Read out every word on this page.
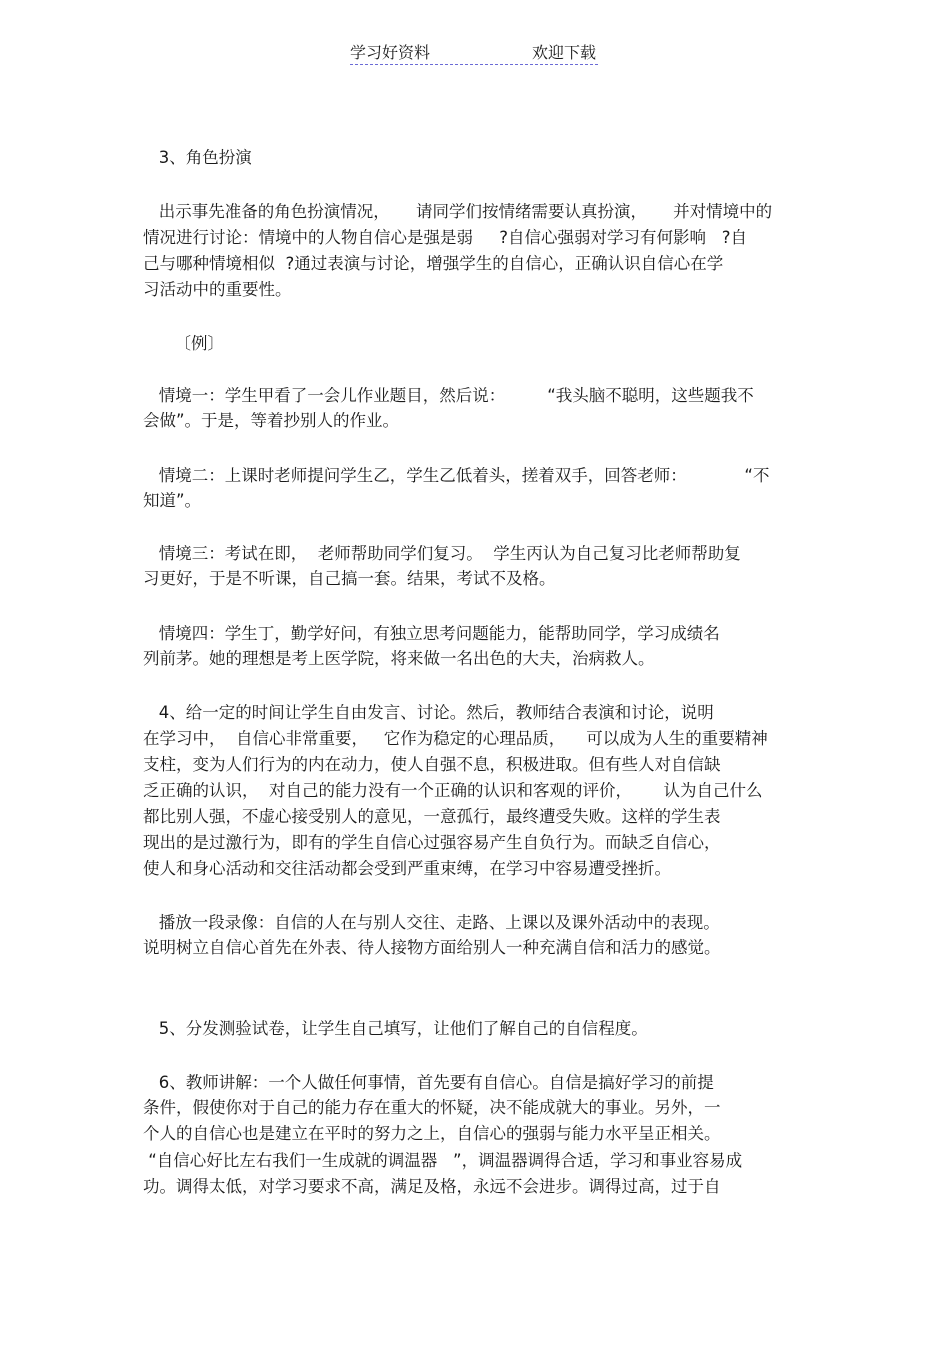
学习好资料	欢迎下载
3、角色扮演
出示事先准备的角色扮演情况，     请同学们按情绪需要认真扮演，     并对情境中的
情况进行讨论：情境中的人物自信心是强是弱     ?自信心强弱对学习有何影响   ?自
己与哪种情境相似  ?通过表演与讨论，增强学生的自信心，正确认识自信心在学
习活动中的重要性。
〔例〕
情境一：学生甲看了一会儿作业题目，然后说：        “我头脑不聪明，这些题我不
会做”。于是，等着抄别人的作业。
情境二：上课时老师提问学生乙，学生乙低着头，搓着双手，回答老师：           “不
知道”。
情境三：考试在即，  老师帮助同学们复习。  学生丙认为自己复习比老师帮助复
习更好，于是不听课，自己搞一套。结果，考试不及格。
情境四：学生丁，勤学好问，有独立思考问题能力，能帮助同学，学习成绩名
列前茅。她的理想是考上医学院，将来做一名出色的大夫，治病救人。
4、给一定的时间让学生自由发言、讨论。然后，教师结合表演和讨论，说明
在学习中，  自信心非常重要，   它作为稳定的心理品质，    可以成为人生的重要精神
支柱，变为人们行为的内在动力，使人自强不息，积极进取。但有些人对自信缺
乏正确的认识，  对自己的能力没有一个正确的认识和客观的评价，      认为自己什么
都比别人强，不虚心接受别人的意见，一意孤行，最终遭受失败。这样的学生表
现出的是过激行为，即有的学生自信心过强容易产生自负行为。而缺乏自信心，
使人和身心活动和交往活动都会受到严重束缚，在学习中容易遭受挫折。
播放一段录像：自信的人在与别人交往、走路、上课以及课外活动中的表现。
说明树立自信心首先在外表、待人接物方面给别人一种充满自信和活力的感觉。
5、分发测验试卷，让学生自己填写，让他们了解自己的自信程度。
6、教师讲解：一个人做任何事情，首先要有自信心。自信是搞好学习的前提
条件，假使你对于自己的能力存在重大的怀疑，决不能成就大的事业。另外，一
个人的自信心也是建立在平时的努力之上，自信心的强弱与能力水平呈正相关。
“自信心好比左右我们一生成就的调温器   ”，调温器调得合适，学习和事业容易成
功。调得太低，对学习要求不高，满足及格，永远不会进步。调得过高，过于自
